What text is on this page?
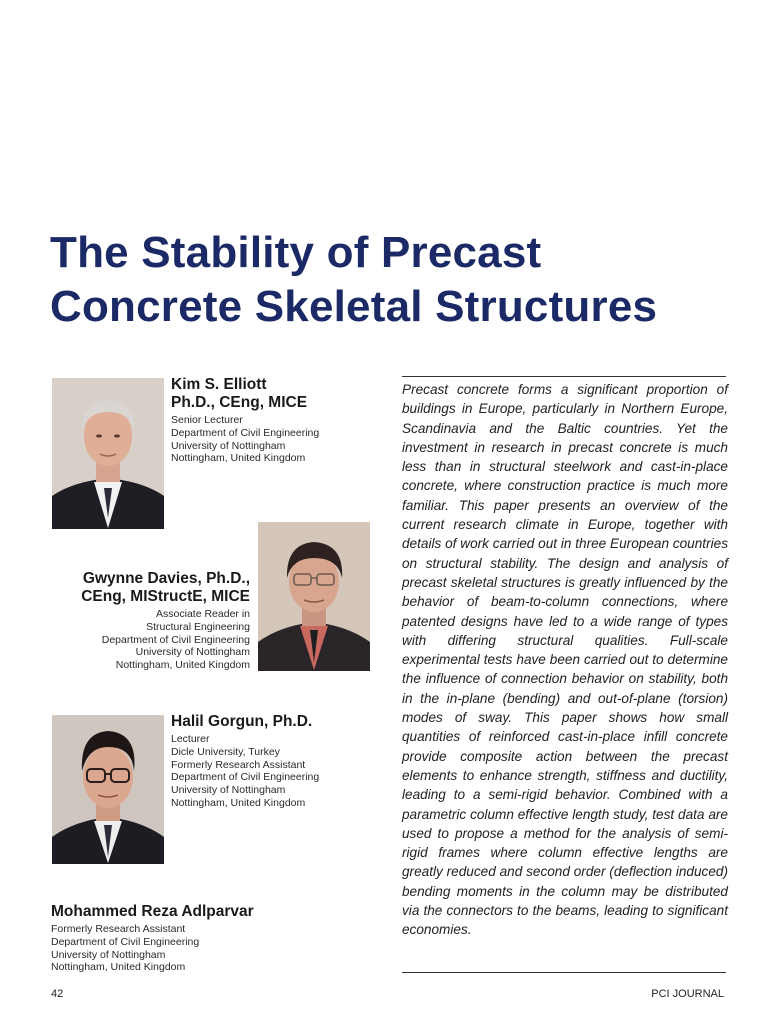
The Stability of Precast
Concrete Skeletal Structures
Kim S. Elliott
Ph.D., CEng, MICE
Senior Lecturer
Department of Civil Engineering
University of Nottingham
Nottingham, United Kingdom
Gwynne Davies, Ph.D.,
CEng, MIStructE, MICE
Associate Reader in
Structural Engineering
Department of Civil Engineering
University of Nottingham
Nottingham, United Kingdom
Halil Gorgun, Ph.D.
Lecturer
Dicle University, Turkey
Formerly Research Assistant
Department of Civil Engineering
University of Nottingham
Nottingham, United Kingdom
Mohammed Reza Adlparvar
Formerly Research Assistant
Department of Civil Engineering
University of Nottingham
Nottingham, United Kingdom
Precast concrete forms a significant proportion of buildings in Europe, particularly in Northern Europe, Scandinavia and the Baltic countries. Yet the investment in research in precast concrete is much less than in structural steelwork and cast-in-place concrete, where construction practice is much more familiar. This paper presents an overview of the current research climate in Europe, together with details of work carried out in three European countries on structural stability. The design and analysis of precast skeletal structures is greatly influenced by the behavior of beam-to-column connections, where patented designs have led to a wide range of types with differing structural qualities. Full-scale experimental tests have been carried out to determine the influence of connection behavior on stability, both in the in-plane (bending) and out-of-plane (torsion) modes of sway. This paper shows how small quantities of reinforced cast-in-place infill concrete provide composite action between the precast elements to enhance strength, stiffness and ductility, leading to a semi-rigid behavior. Combined with a parametric column effective length study, test data are used to propose a method for the analysis of semi-rigid frames where column effective lengths are greatly reduced and second order (deflection induced) bending moments in the column may be distributed via the connectors to the beams, leading to significant economies.
42	PCI JOURNAL
